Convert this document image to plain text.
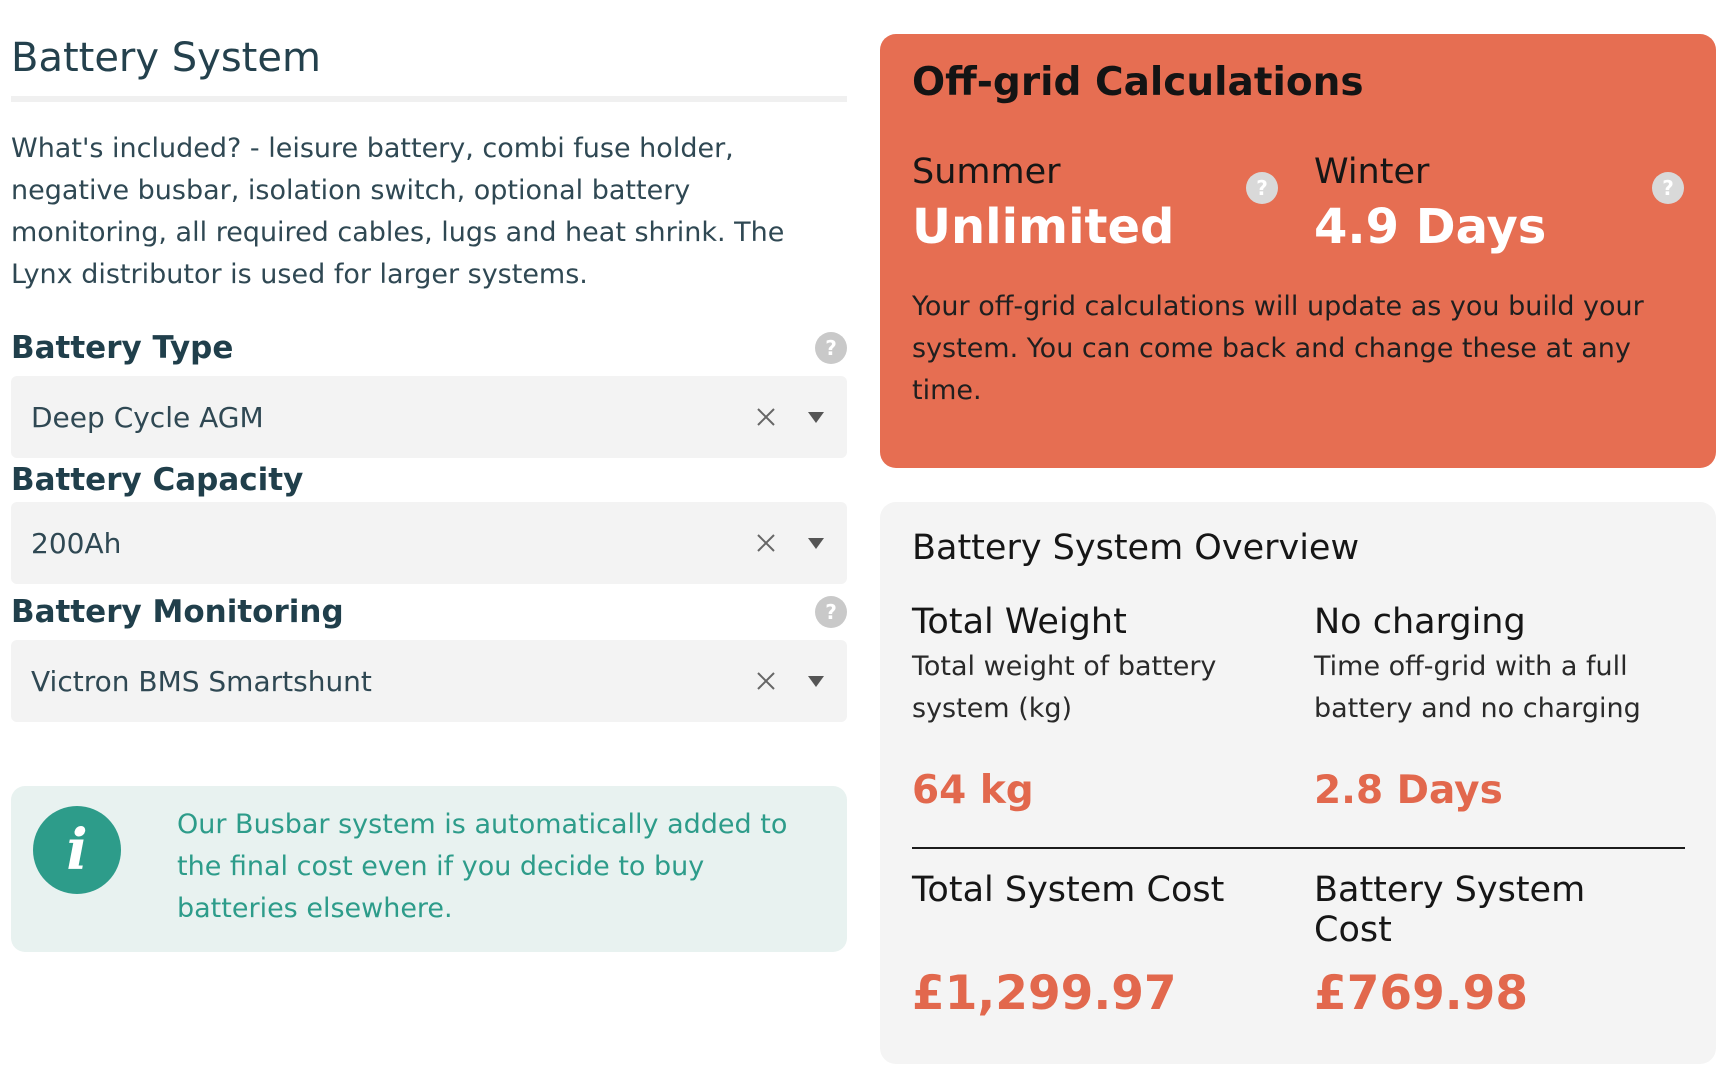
Battery System

What's included? - leisure battery, combi fuse holder, negative busbar, isolation switch, optional battery monitoring, all required cables, lugs and heat shrink. The Lynx distributor is used for larger systems.

Battery Type	?
Deep Cycle AGM
Battery Capacity
200Ah
Battery Monitoring	?
Victron BMS Smartshunt
i	Our Busbar system is automatically added to the final cost even if you decide to buy batteries elsewhere.
Off-grid Calculations
Summer
Unlimited
? Winter
4.9 Days
?
Your off-grid calculations will update as you build your system. You can come back and change these at any time.
Battery System Overview
Total Weight
Total weight of battery system (kg)
No charging
Time off-grid with a full battery and no charging
64 kg	2.8 Days
Total System Cost	Battery System Cost
£1,299.97	£769.98
